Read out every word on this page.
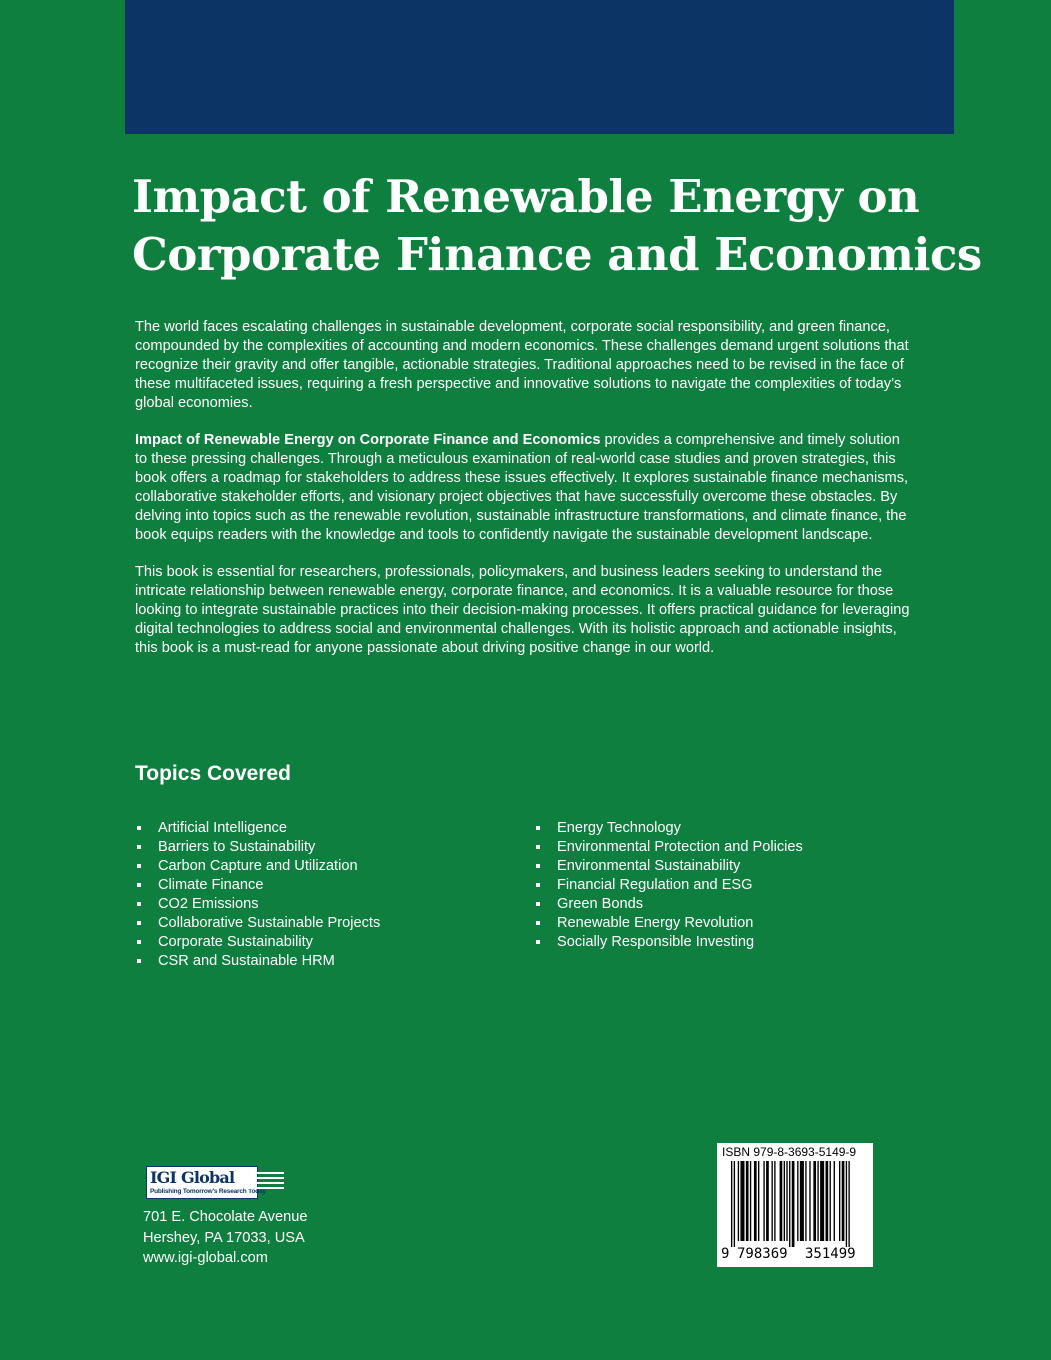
Impact of Renewable Energy on
Corporate Finance and Economics

The world faces escalating challenges in sustainable development, corporate social responsibility, and green finance, compounded by the complexities of accounting and modern economics. These challenges demand urgent solutions that recognize their gravity and offer tangible, actionable strategies. Traditional approaches need to be revised in the face of these multifaceted issues, requiring a fresh perspective and innovative solutions to navigate the complexities of today’s global economies.

Impact of Renewable Energy on Corporate Finance and Economics provides a comprehensive and timely solution to these pressing challenges. Through a meticulous examination of real-world case studies and proven strategies, this book offers a roadmap for stakeholders to address these issues effectively. It explores sustainable finance mechanisms, collaborative stakeholder efforts, and visionary project objectives that have successfully overcome these obstacles. By delving into topics such as the renewable revolution, sustainable infrastructure transformations, and climate finance, the book equips readers with the knowledge and tools to confidently navigate the sustainable development landscape.

This book is essential for researchers, professionals, policymakers, and business leaders seeking to understand the intricate relationship between renewable energy, corporate finance, and economics. It is a valuable resource for those looking to integrate sustainable practices into their decision-making processes. It offers practical guidance for leveraging digital technologies to address social and environmental challenges. With its holistic approach and actionable insights, this book is a must-read for anyone passionate about driving positive change in our world.

Topics Covered
Artificial Intelligence
Barriers to Sustainability
Carbon Capture and Utilization
Climate Finance
CO2 Emissions
Collaborative Sustainable Projects
Corporate Sustainability
CSR and Sustainable HRM
Energy Technology
Environmental Protection and Policies
Environmental Sustainability
Financial Regulation and ESG
Green Bonds
Renewable Energy Revolution
Socially Responsible Investing
IGI Global
Publishing Tomorrow's Research Today
701 E. Chocolate Avenue
Hershey, PA 17033, USA
www.igi-global.com
ISBN 979-8-3693-5149-9
9 798369 351499
